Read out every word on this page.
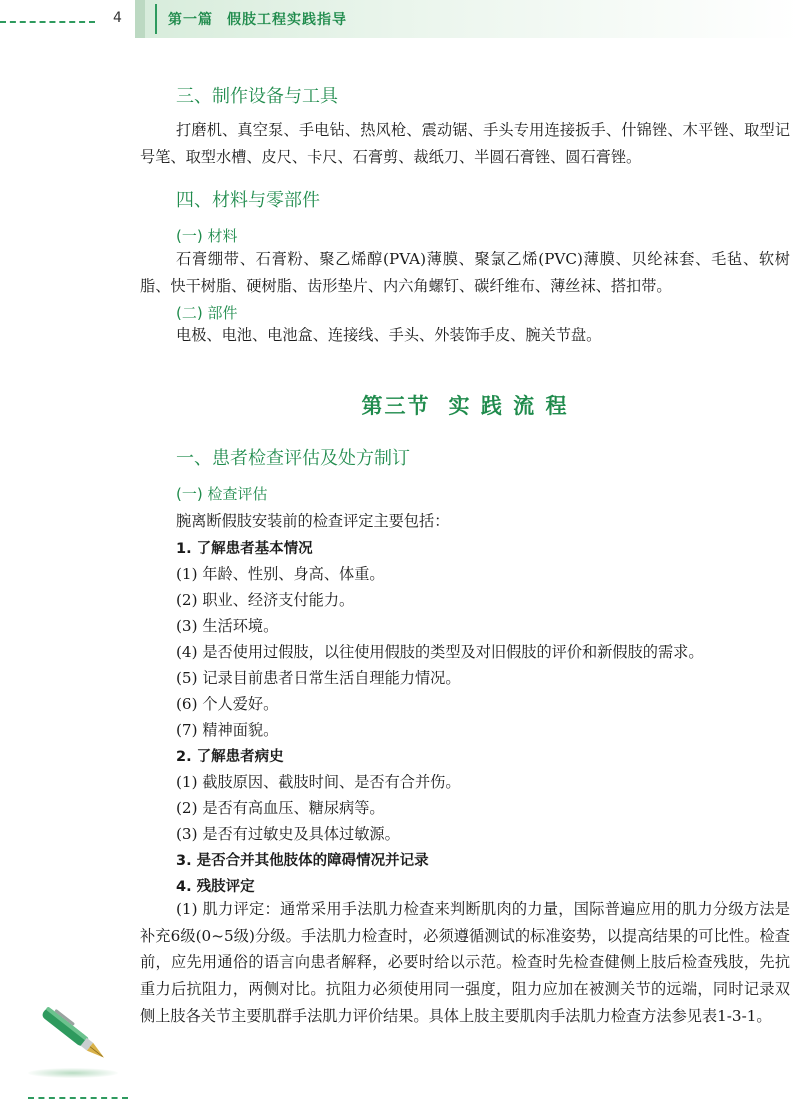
4	第一篇 假肢工程实践指导
三、制作设备与工具
打磨机、真空泵、手电钻、热风枪、震动锯、手头专用连接扳手、什锦锉、木平锉、取型记号笔、取型水槽、皮尺、卡尺、石膏剪、裁纸刀、半圆石膏锉、圆石膏锉。
四、材料与零部件
(一) 材料
石膏绷带、石膏粉、聚乙烯醇(PVA)薄膜、聚氯乙烯(PVC)薄膜、贝纶袜套、毛毡、软树脂、快干树脂、硬树脂、齿形垫片、内六角螺钉、碳纤维布、薄丝袜、搭扣带。
(二) 部件
电极、电池、电池盒、连接线、手头、外装饰手皮、腕关节盘。
第三节 实 践 流 程
一、患者检查评估及处方制订
(一) 检查评估
腕离断假肢安装前的检查评定主要包括：
1. 了解患者基本情况
(1) 年龄、性别、身高、体重。
(2) 职业、经济支付能力。
(3) 生活环境。
(4) 是否使用过假肢，以往使用假肢的类型及对旧假肢的评价和新假肢的需求。
(5) 记录目前患者日常生活自理能力情况。
(6) 个人爱好。
(7) 精神面貌。
2. 了解患者病史
(1) 截肢原因、截肢时间、是否有合并伤。
(2) 是否有高血压、糖尿病等。
(3) 是否有过敏史及具体过敏源。
3. 是否合并其他肢体的障碍情况并记录
4. 残肢评定
(1) 肌力评定：通常采用手法肌力检查来判断肌肉的力量，国际普遍应用的肌力分级方法是补充6级(0~5级)分级。手法肌力检查时，必须遵循测试的标准姿势，以提高结果的可比性。检查前，应先用通俗的语言向患者解释，必要时给以示范。检查时先检查健侧上肢后检查残肢，先抗重力后抗阻力，两侧对比。抗阻力必须使用同一强度，阻力应加在被测关节的远端，同时记录双侧上肢各关节主要肌群手法肌力评价结果。具体上肢主要肌肉手法肌力检查方法参见表1-3-1。
